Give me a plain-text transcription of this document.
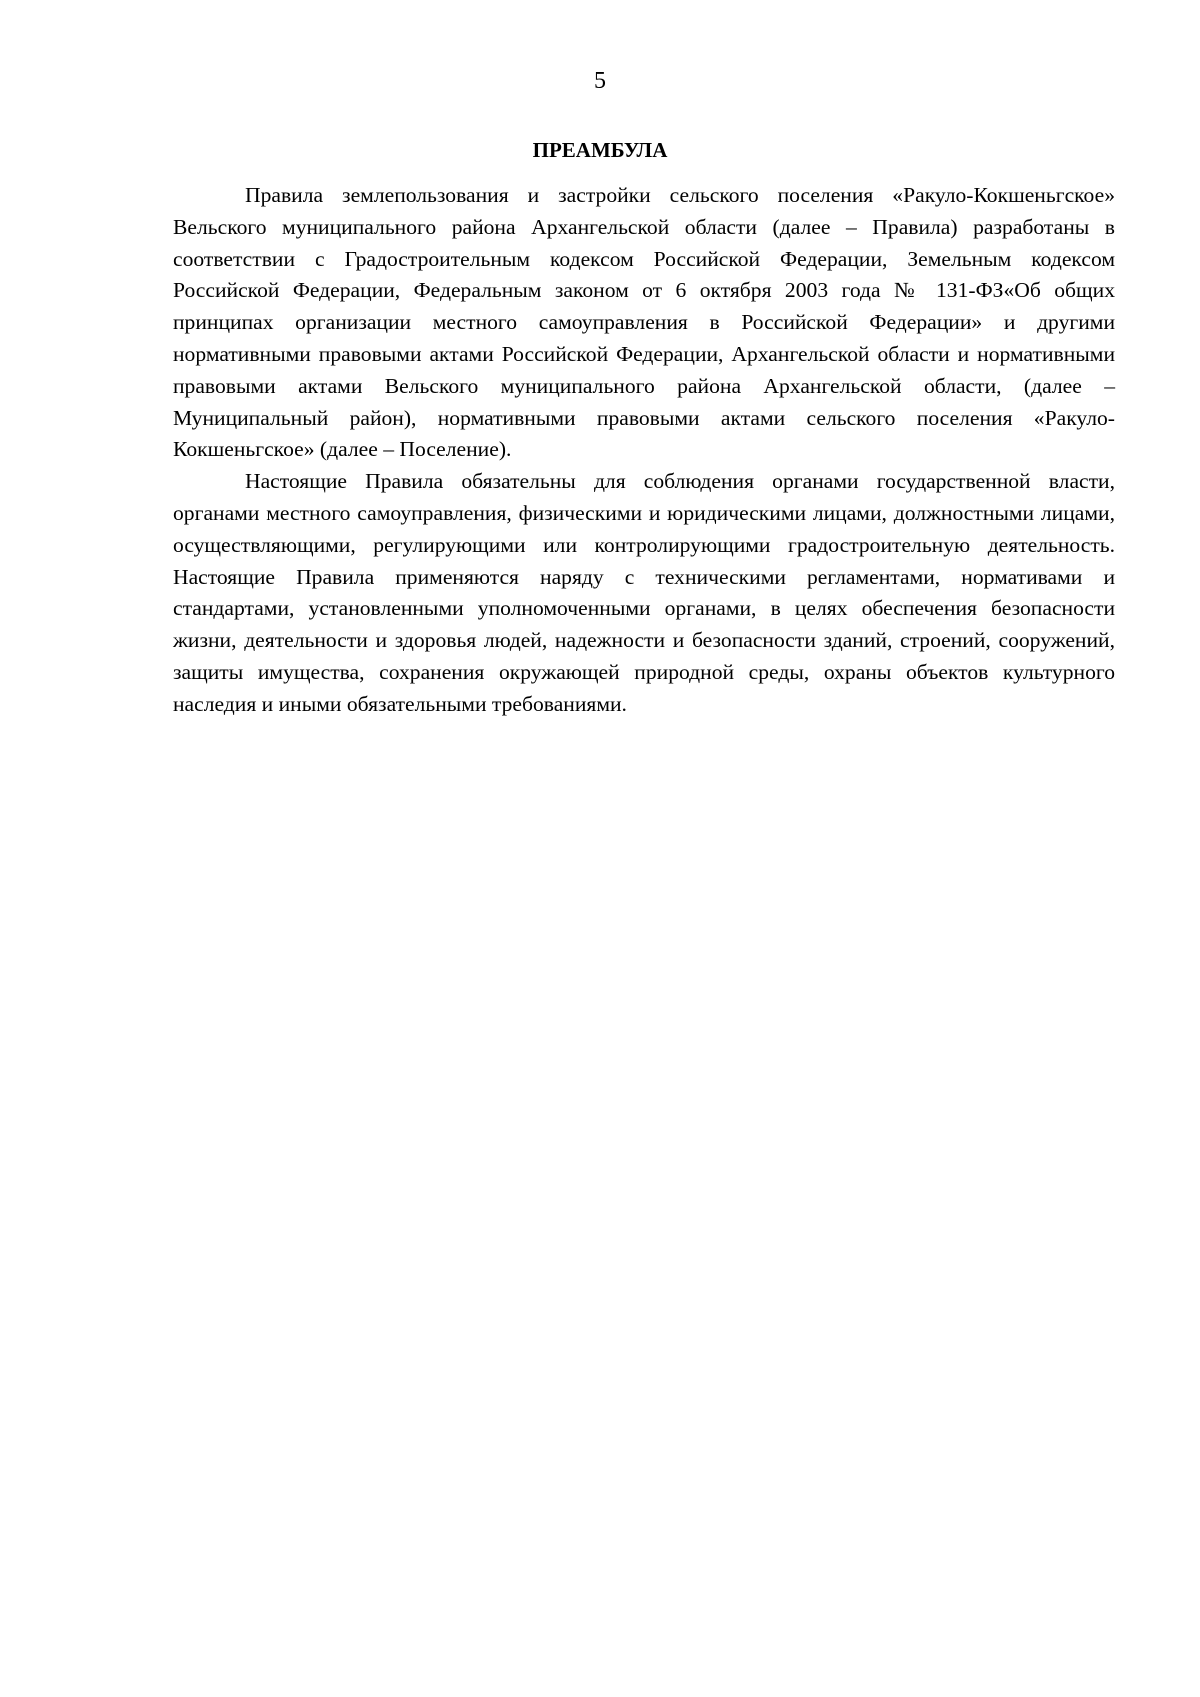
5
ПРЕАМБУЛА

Правила землепользования и застройки сельского поселения «Ракуло-Кокшеньгское» Вельского муниципального района Архангельской области (далее – Правила) разработаны в соответствии с Градостроительным кодексом Российской Федерации, Земельным кодексом Российской Федерации, Федеральным законом от 6 октября 2003 года № 131-ФЗ«Об общих принципах организации местного самоуправления в Российской Федерации» и другими нормативными правовыми актами Российской Федерации, Архангельской области и нормативными правовыми актами Вельского муниципального района Архангельской области, (далее – Муниципальный район), нормативными правовыми актами сельского поселения «Ракуло-Кокшеньгское» (далее – Поселение).

Настоящие Правила обязательны для соблюдения органами государственной власти, органами местного самоуправления, физическими и юридическими лицами, должностными лицами, осуществляющими, регулирующими или контролирующими градостроительную деятельность. Настоящие Правила применяются наряду с техническими регламентами, нормативами и стандартами, установленными уполномоченными органами, в целях обеспечения безопасности жизни, деятельности и здоровья людей, надежности и безопасности зданий, строений, сооружений, защиты имущества, сохранения окружающей природной среды, охраны объектов культурного наследия и иными обязательными требованиями.
